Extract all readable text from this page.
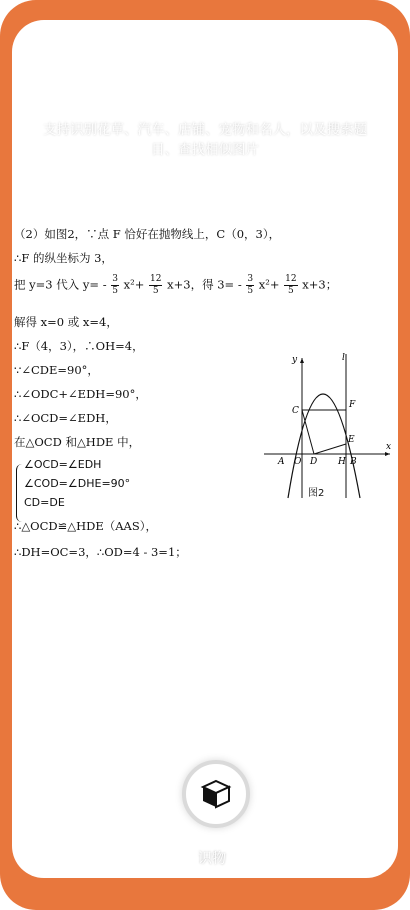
支持识别花草、汽车、店铺、宠物和名人，以及搜索题目、查找相似图片
（2）如图2，∵点 F 恰好在抛物线上，C（0，3），
∴F 的纵坐标为 3，
把 y=3 代入 $y= - \frac{3}{5} x^2+ \frac{12}{5} x+3$，得 $3= - \frac{3}{5} x^2+ \frac{12}{5} x+3$；
解得 x=0 或 x=4，
∴F（4，3），∴OH=4，
∵∠CDE=90°，
∴∠ODC+∠EDH=90°，
∴∠OCD=∠EDH，
在△OCD 和△HDE 中，
∠OCD=∠EDH
∠COD=∠DHE=90°
CD=DE
∴△OCD≌△HDE（AAS），
∴DH=OC=3，∴OD=4 - 3=1；
y	l
x
C
F
E
A O D H B
图2
字
识物	经验
jingyan.baidu.com
